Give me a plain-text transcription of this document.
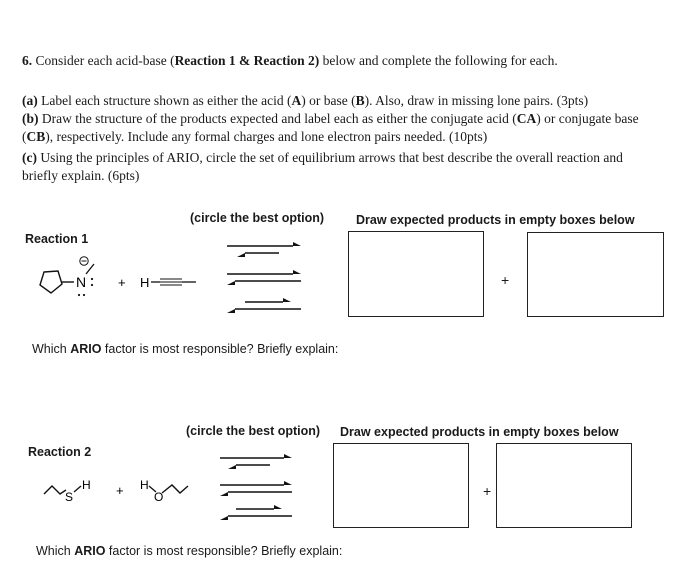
6. Consider each acid-base (Reaction 1 & Reaction 2) below and complete the following for each.
(a) Label each structure shown as either the acid (A) or base (B). Also, draw in missing lone pairs. (3pts)
(b) Draw the structure of the products expected and label each as either the conjugate acid (CA) or conjugate base (CB), respectively. Include any formal charges and lone electron pairs needed. (10pts)
(c) Using the principles of ARIO, circle the set of equilibrium arrows that best describe the overall reaction and briefly explain. (6pts)
(circle the best option)	Draw expected products in empty boxes below
Reaction 1
N + H	+
Which ARIO factor is most responsible? Briefly explain:
(circle the best option) Draw expected products in empty boxes below
Reaction 2
S
H + H
O	+
Which ARIO factor is most responsible? Briefly explain:
